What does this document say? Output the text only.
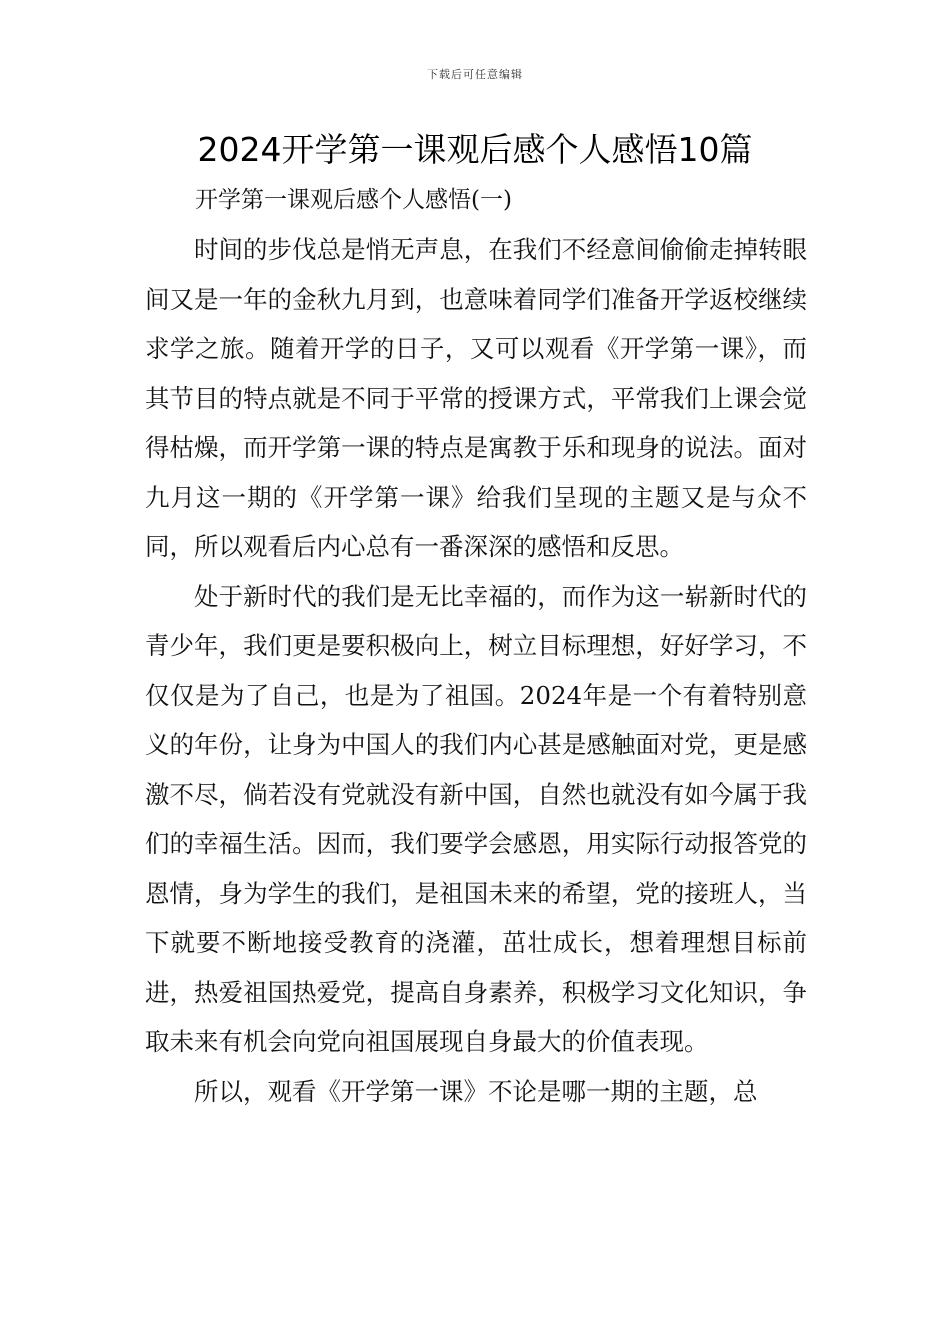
下载后可任意编辑
2024开学第一课观后感个人感悟10篇

开学第一课观后感个人感悟(一)

时间的步伐总是悄无声息，在我们不经意间偷偷走掉转眼间又是一年的金秋九月到，也意味着同学们准备开学返校继续求学之旅。随着开学的日子，又可以观看《开学第一课》，而其节目的特点就是不同于平常的授课方式，平常我们上课会觉得枯燥，而开学第一课的特点是寓教于乐和现身的说法。面对九月这一期的《开学第一课》给我们呈现的主题又是与众不同，所以观看后内心总有一番深深的感悟和反思。

处于新时代的我们是无比幸福的，而作为这一崭新时代的青少年，我们更是要积极向上，树立目标理想，好好学习，不仅仅是为了自己，也是为了祖国。2024年是一个有着特别意义的年份，让身为中国人的我们内心甚是感触面对党，更是感激不尽，倘若没有党就没有新中国，自然也就没有如今属于我们的幸福生活。因而，我们要学会感恩，用实际行动报答党的恩情，身为学生的我们，是祖国未来的希望，党的接班人，当下就要不断地接受教育的浇灌，茁壮成长，想着理想目标前进，热爱祖国热爱党，提高自身素养，积极学习文化知识，争取未来有机会向党向祖国展现自身最大的价值表现。

所以，观看《开学第一课》不论是哪一期的主题，总
